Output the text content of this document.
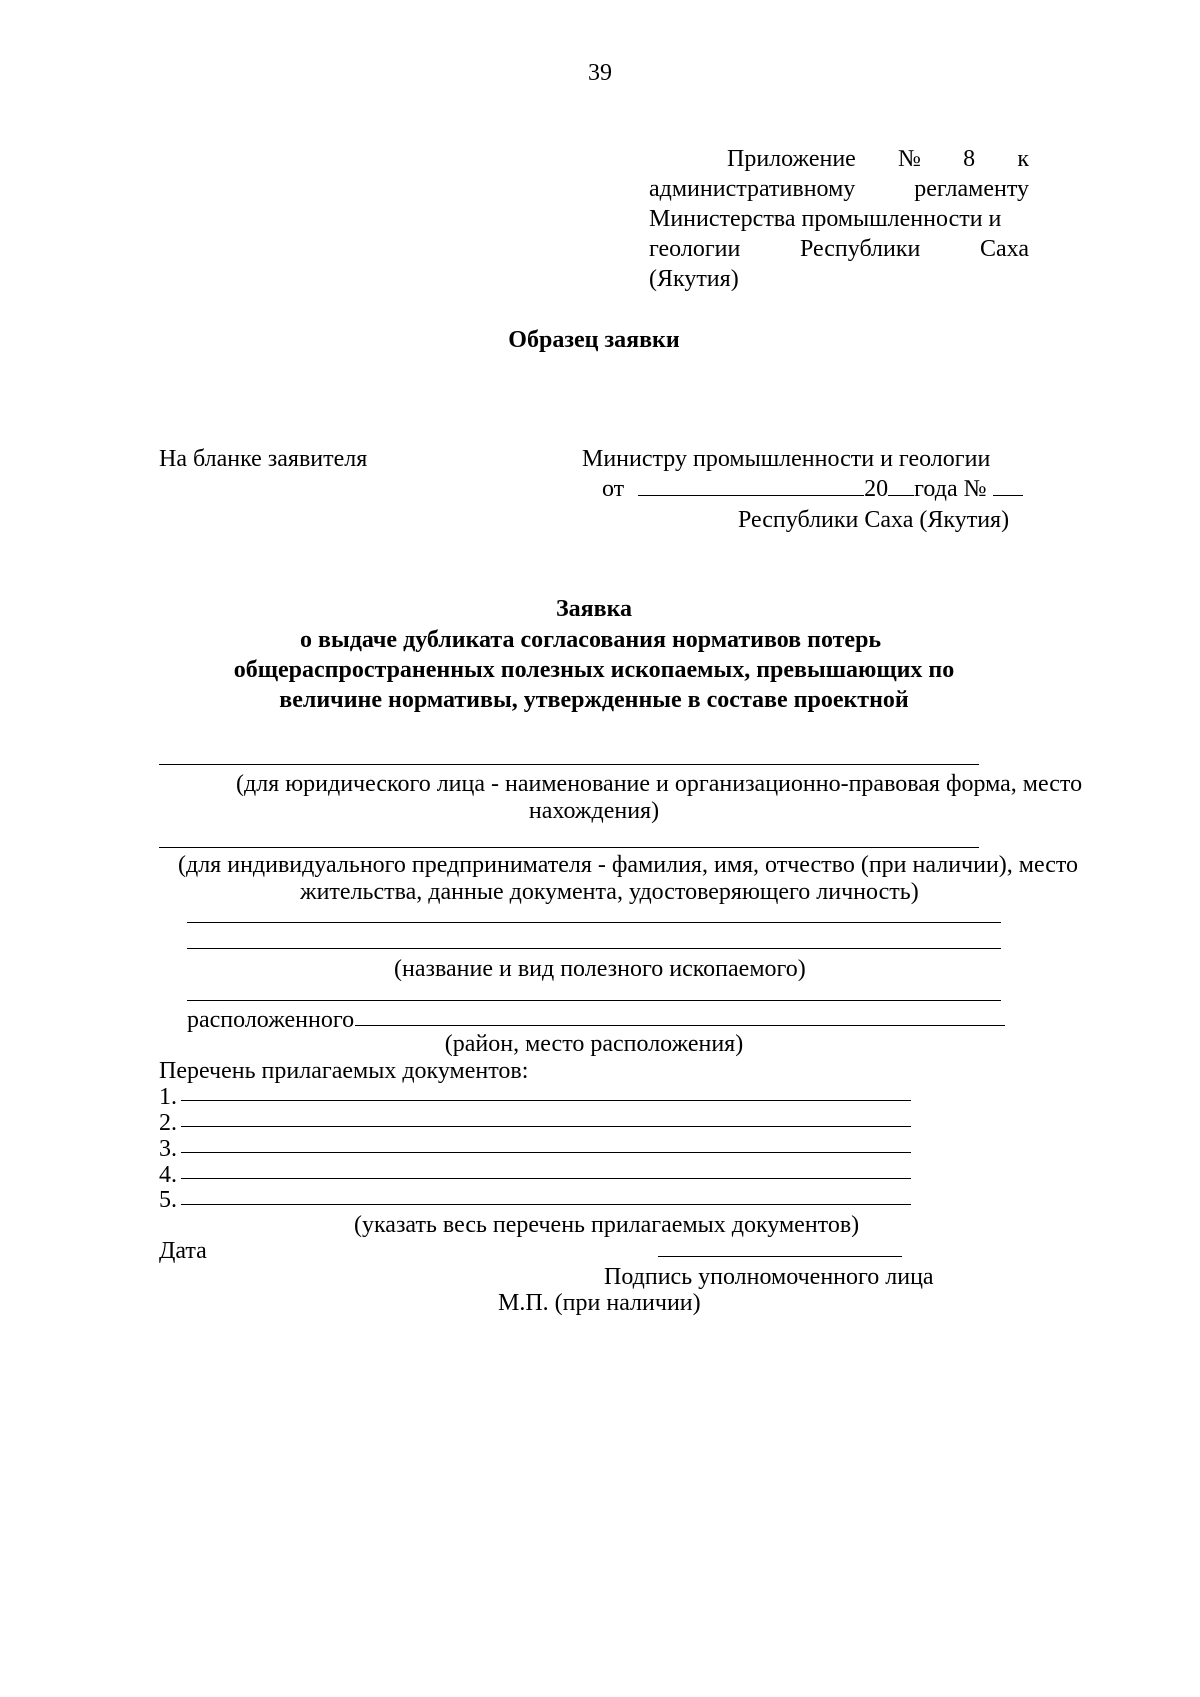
39
Приложение № 8 к
административному регламенту
Министерства промышленности и
геологии Республики Саха
(Якутия)
Образец заявки
На бланке заявителя	Министру промышленности и геологии
от	20 года №
Республики Саха (Якутия)
Заявка
о выдаче дубликата согласования нормативов потерь
общераспространенных полезных ископаемых, превышающих по
величине нормативы, утвержденные в составе проектной
(для юридического лица - наименование и организационно-правовая форма, место
нахождения)
(для индивидуального предпринимателя - фамилия, имя, отчество (при наличии), место
жительства, данные документа, удостоверяющего личность)
(название и вид полезного ископаемого)
расположенного
(район, место расположения)
Перечень прилагаемых документов:
1.
2.
3.
4.
5.
(указать весь перечень прилагаемых документов)
Дата
Подпись уполномоченного лица
М.П. (при наличии)
